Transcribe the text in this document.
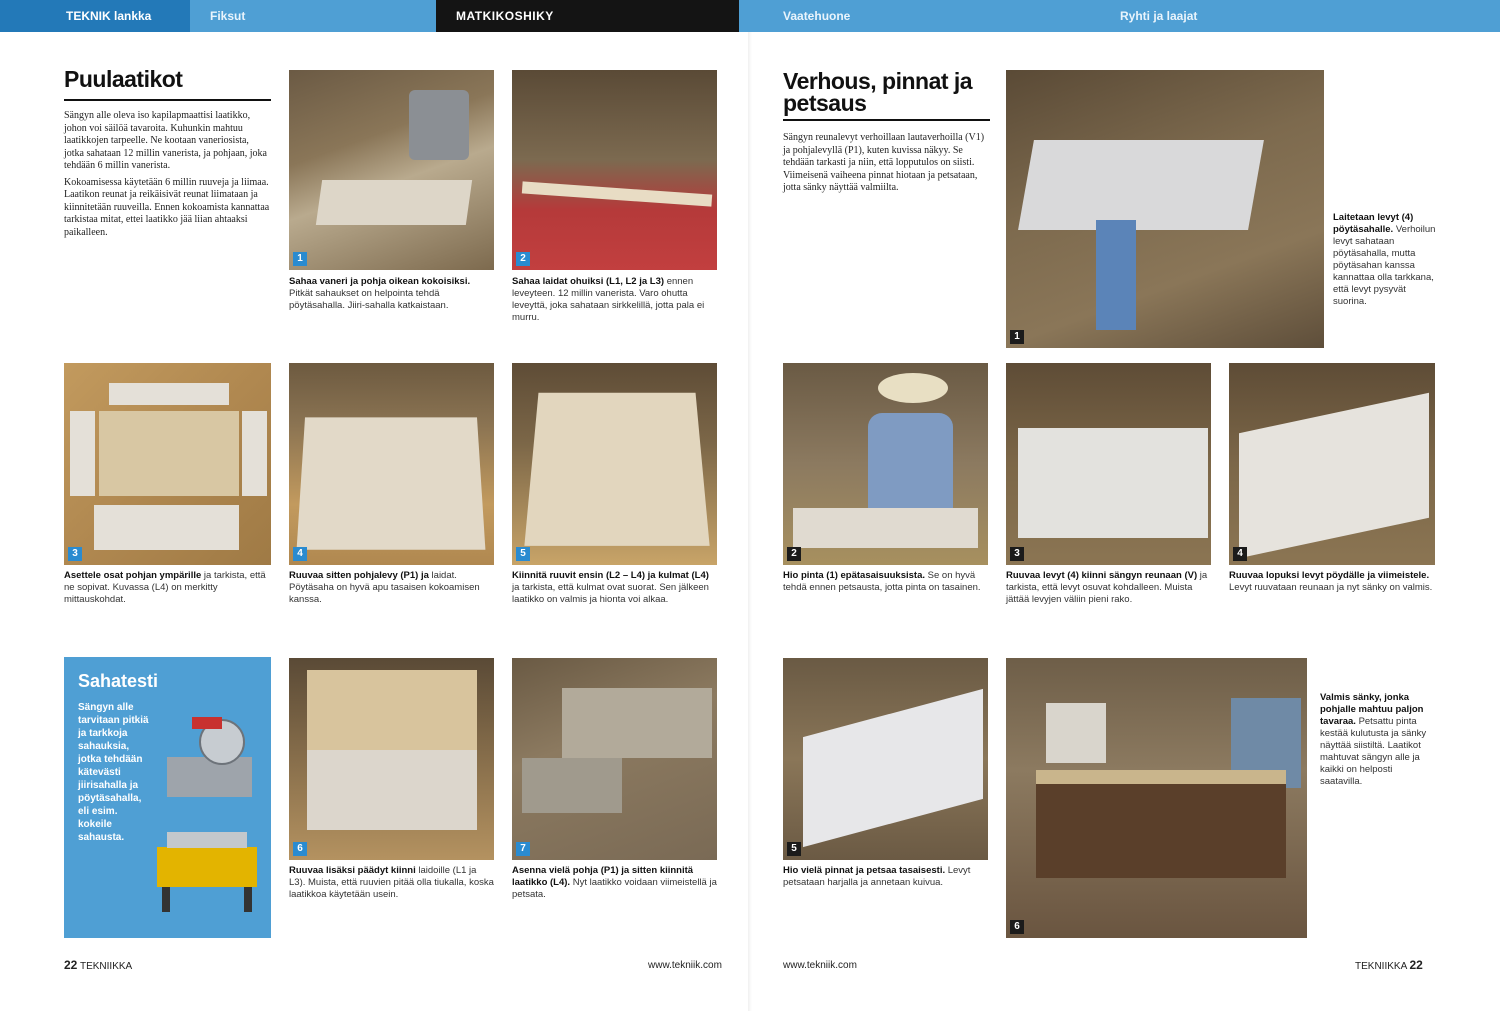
TEKNIK lankka	Fiksut	MATKIKOSHIKY	Vaatehuone	Ryhti ja laajat
Puulaatikot

Sängyn alle oleva iso kapilapmaattisi laatikko, johon voi säilöä tavaroita. Kuhunkin mahtuu laatikkojen tarpeelle. Ne kootaan vaneriosista, jotka sahataan 12 millin vanerista, ja pohjaan, joka tehdään 6 millin vanerista.

Kokoamisessa käytetään 6 millin ruuveja ja liimaa. Laatikon reunat ja reikäisivät reunat liimataan ja kiinnitetään ruuveilla. Ennen kokoamista kannattaa tarkistaa mitat, ettei laatikko jää liian ahtaaksi paikalleen.

1	2
Sahaa vaneri ja pohja oikean kokoisiksi. Pitkät sahaukset on helpointa tehdä pöytäsahalla. Jiiri-sahalla katkaistaan.
Sahaa laidat ohuiksi (L1, L2 ja L3) ennen leveyteen. 12 millin vanerista. Varo ohutta leveyttä, joka sahataan sirkkelillä, jotta pala ei murru.
3	4	5
Asettele osat pohjan ympärille ja tarkista, että ne sopivat. Kuvassa (L4) on merkitty mittauskohdat.
Ruuvaa sitten pohjalevy (P1) ja laidat. Pöytäsaha on hyvä apu tasaisen kokoamisen kanssa.
Kiinnitä ruuvit ensin (L2 – L4) ja kulmat (L4) ja tarkista, että kulmat ovat suorat. Sen jälkeen laatikko on valmis ja hionta voi alkaa.
Sahatesti
Sängyn alle tarvitaan pitkiä ja tarkkoja sahauksia, jotka tehdään kätevästi jiirisahalla ja pöytäsahalla, eli esim. kokeile sahausta.
6	7
Ruuvaa lisäksi päädyt kiinni laidoille (L1 ja L3). Muista, että ruuvien pitää olla tiukalla, koska laatikkoa käytetään usein.
Asenna vielä pohja (P1) ja sitten kiinnitä laatikko (L4). Nyt laatikko voidaan viimeistellä ja petsata.
22 TEKNIIKKA	www.tekniik.com
Verhous, pinnat ja
petsaus
Sängyn reunalevyt verhoillaan lautaverhoilla (V1) ja pohjalevyllä (P1), kuten kuvissa näkyy. Se tehdään tarkasti ja niin, että lopputulos on siisti. Viimeisenä vaiheena pinnat hiotaan ja petsataan, jotta sänky näyttää valmiilta.
1
Laitetaan levyt (4) pöytäsahalle. Verhoilun levyt sahataan pöytäsahalla, mutta pöytäsahan kanssa kannattaa olla tarkkana, että levyt pysyvät suorina.
2	3	4
Hio pinta (1) epätasaisuuksista. Se on hyvä tehdä ennen petsausta, jotta pinta on tasainen.
Ruuvaa levyt (4) kiinni sängyn reunaan (V) ja tarkista, että levyt osuvat kohdalleen. Muista jättää levyjen väliin pieni rako.
Ruuvaa lopuksi levyt pöydälle ja viimeistele. Levyt ruuvataan reunaan ja nyt sänky on valmis.
5
6
Hio vielä pinnat ja petsaa tasaisesti. Levyt petsataan harjalla ja annetaan kuivua.
Valmis sänky, jonka pohjalle mahtuu paljon tavaraa. Petsattu pinta kestää kulutusta ja sänky näyttää siistiltä. Laatikot mahtuvat sängyn alle ja kaikki on helposti saatavilla.
www.tekniik.com	TEKNIIKKA 22
